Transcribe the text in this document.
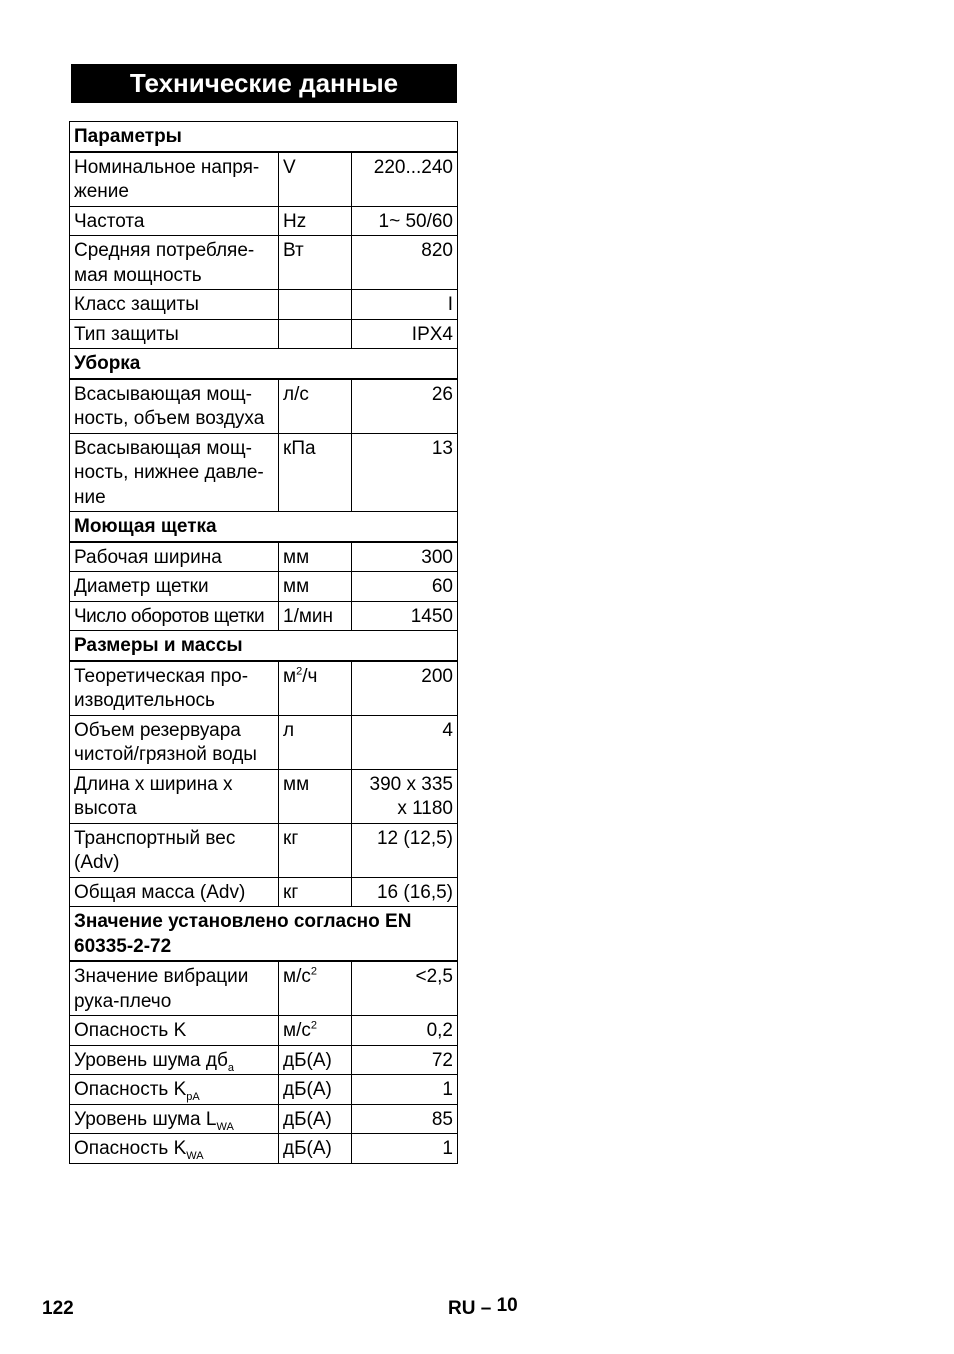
Технические данные
Параметры		
Номинальное напря-жение	V	220...240
Частота	Hz	1~ 50/60
Средняя потребляе-мая мощность	Вт	820
Класс защиты		I
Тип защиты		IPX4
Уборка		
Всасывающая мощ-ность, объем воздуха	л/с	26
Всасывающая мощ-ность, нижнее давле-ние	кПа	13
Моющая щетка		
Рабочая ширина	мм	300
Диаметр щетки	мм	60
Число оборотов щетки	1/мин	1450
Размеры и массы		
Теоретическая про-изводительнось	$м^2/ч$	200
Объем резервуара чистой/грязной воды	л	4
Длина x ширина x высота	мм	390 x 335
x 1180

Транспортный вес (Adv)	кг	12 (12,5)
Общая масса (Adv)	кг	16 (16,5)
Значение установлено согласно EN 60335-2-72		
Значение вибрации рука-плечо	$м/с^2$	<2,5
Опасность K	$м/с^2$	0,2
Уровень шума $дб_a$	дБ(А)	72
Опасность $K_{pA}$	дБ(А)	1
Уровень шума $L_{WA}$	дБ(А)	85
Опасность $K_{WA}$	дБ(А)	1
122	RU – 10
